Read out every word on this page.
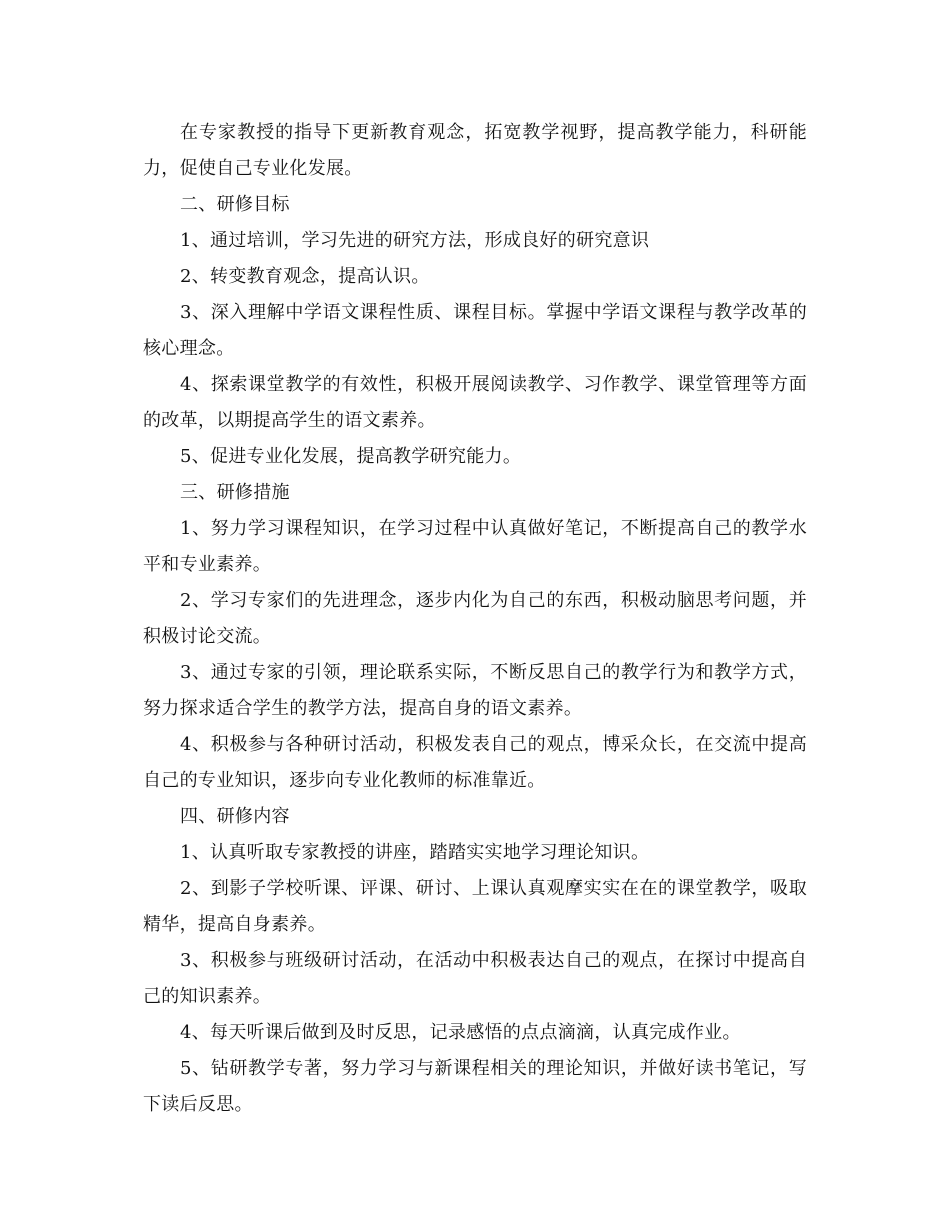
在专家教授的指导下更新教育观念，拓宽教学视野，提高教学能力，科研能力，促使自己专业化发展。

二、研修目标

1、通过培训，学习先进的研究方法，形成良好的研究意识

2、转变教育观念，提高认识。

3、深入理解中学语文课程性质、课程目标。掌握中学语文课程与教学改革的核心理念。

4、探索课堂教学的有效性，积极开展阅读教学、习作教学、课堂管理等方面的改革，以期提高学生的语文素养。

5、促进专业化发展，提高教学研究能力。

三、研修措施

1、努力学习课程知识，在学习过程中认真做好笔记，不断提高自己的教学水平和专业素养。

2、学习专家们的先进理念，逐步内化为自己的东西，积极动脑思考问题，并积极讨论交流。

3、通过专家的引领，理论联系实际，不断反思自己的教学行为和教学方式，努力探求适合学生的教学方法，提高自身的语文素养。

4、积极参与各种研讨活动，积极发表自己的观点，博采众长，在交流中提高自己的专业知识，逐步向专业化教师的标准靠近。

四、研修内容

1、认真听取专家教授的讲座，踏踏实实地学习理论知识。

2、到影子学校听课、评课、研讨、上课认真观摩实实在在的课堂教学，吸取精华，提高自身素养。

3、积极参与班级研讨活动，在活动中积极表达自己的观点，在探讨中提高自己的知识素养。

4、每天听课后做到及时反思，记录感悟的点点滴滴，认真完成作业。

5、钻研教学专著，努力学习与新课程相关的理论知识，并做好读书笔记，写下读后反思。
